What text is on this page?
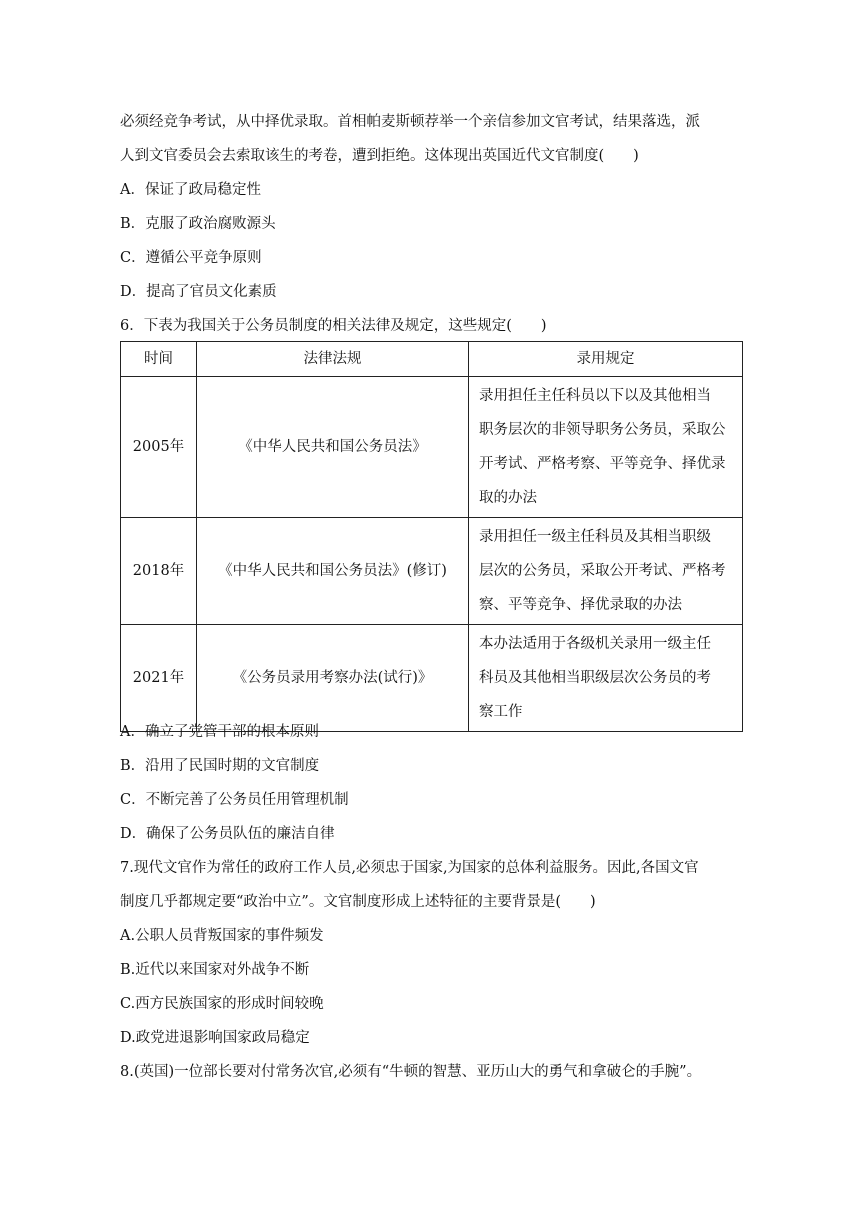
必须经竞争考试，从中择优录取。首相帕麦斯顿荐举一个亲信参加文官考试，结果落选，派
人到文官委员会去索取该生的考卷，遭到拒绝。这体现出英国近代文官制度(　　)
A．保证了政局稳定性
B．克服了政治腐败源头
C．遵循公平竞争原则
D．提高了官员文化素质
6．下表为我国关于公务员制度的相关法律及规定，这些规定(　　)
时间	法律法规	录用规定
2005年	《中华人民共和国公务员法》	录用担任主任科员以下以及其他相当
职务层次的非领导职务公务员，采取公
开考试、严格考察、平等竞争、择优录
取的办法

2018年	《中华人民共和国公务员法》(修订)	录用担任一级主任科员及其相当职级
层次的公务员，采取公开考试、严格考
察、平等竞争、择优录取的办法

2021年	《公务员录用考察办法(试行)》	本办法适用于各级机关录用一级主任
科员及其他相当职级层次公务员的考
察工作
A．确立了党管干部的根本原则
B．沿用了民国时期的文官制度
C．不断完善了公务员任用管理机制
D．确保了公务员队伍的廉洁自律
7.现代文官作为常任的政府工作人员,必须忠于国家,为国家的总体利益服务。因此,各国文官
制度几乎都规定要“政治中立”。文官制度形成上述特征的主要背景是(　　)
A.公职人员背叛国家的事件频发
B.近代以来国家对外战争不断
C.西方民族国家的形成时间较晚
D.政党进退影响国家政局稳定
8.(英国)一位部长要对付常务次官,必须有“牛顿的智慧、亚历山大的勇气和拿破仑的手腕”。
